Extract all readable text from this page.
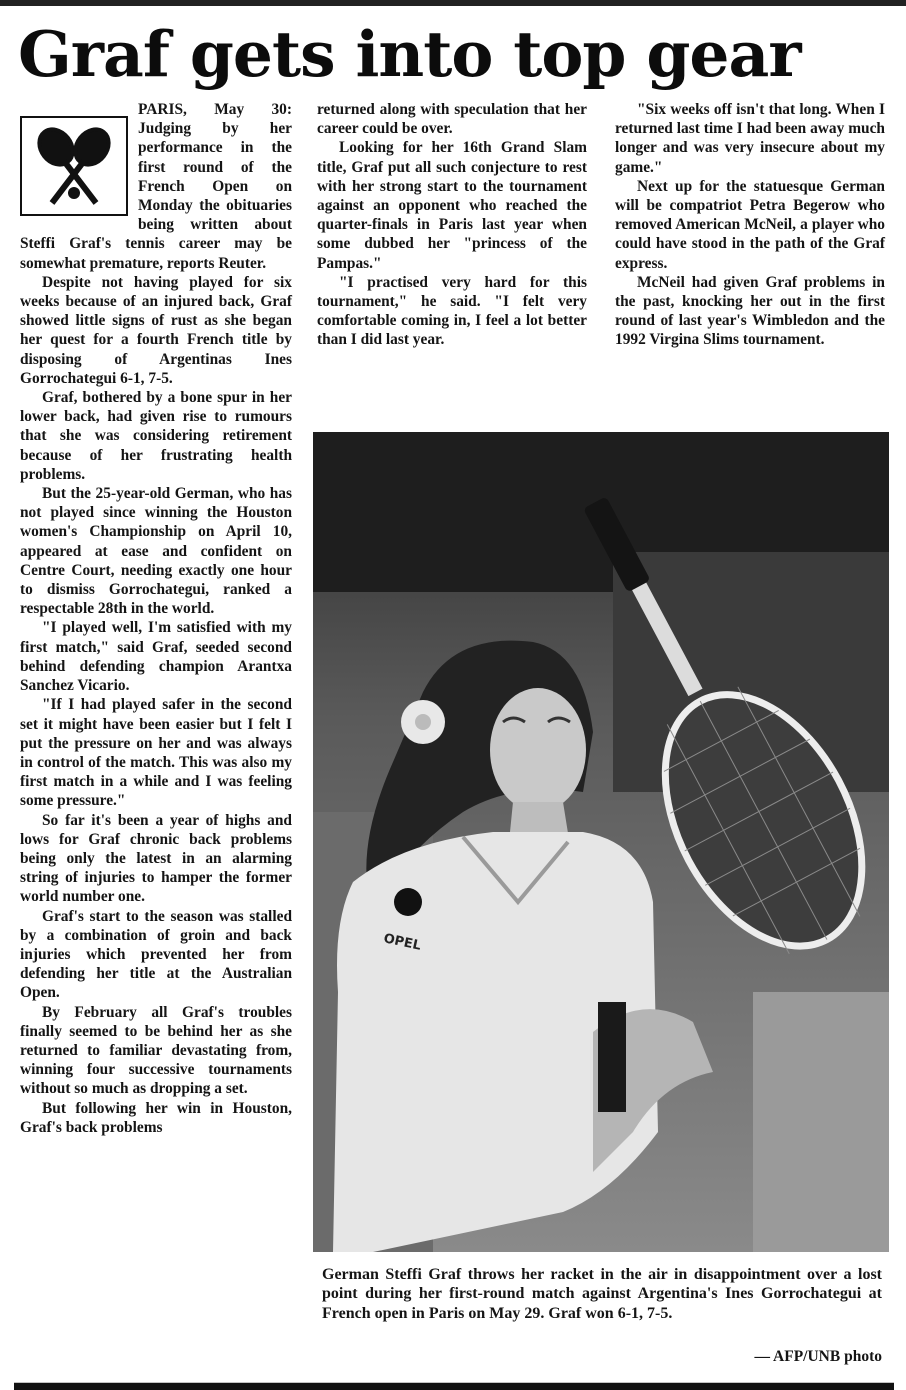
Graf gets into top gear

PARIS, May 30: Judging by her performance in the first round of the French Open on Monday the obituaries being written about Steffi Graf's tennis career may be somewhat premature, reports Reuter.

Despite not having played for six weeks because of an injured back, Graf showed little signs of rust as she began her quest for a fourth French title by disposing of Argentinas Ines Gorrochategui 6-1, 7-5.

Graf, bothered by a bone spur in her lower back, had given rise to rumours that she was considering retirement because of her frustrating health problems.

But the 25-year-old German, who has not played since winning the Houston women's Championship on April 10, appeared at ease and confident on Centre Court, needing exactly one hour to dismiss Gorrochategui, ranked a respectable 28th in the world.

"I played well, I'm satisfied with my first match," said Graf, seeded second behind defending champion Arantxa Sanchez Vicario.

"If I had played safer in the second set it might have been easier but I felt I put the pressure on her and was always in control of the match. This was also my first match in a while and I was feeling some pressure."

So far it's been a year of highs and lows for Graf chronic back problems being only the latest in an alarming string of injuries to hamper the former world number one.

Graf's start to the season was stalled by a combination of groin and back injuries which prevented her from defending her title at the Australian Open.

By February all Graf's troubles finally seemed to be behind her as she returned to familiar devastating from, winning four successive tournaments without so much as dropping a set.

But following her win in Houston, Graf's back problems

returned along with speculation that her career could be over.

Looking for her 16th Grand Slam title, Graf put all such conjecture to rest with her strong start to the tournament against an opponent who reached the quarter-finals in Paris last year when some dubbed her "princess of the Pampas."

"I practised very hard for this tournament," he said. "I felt very comfortable coming in, I feel a lot better than I did last year.

"Six weeks off isn't that long. When I returned last time I had been away much longer and was very insecure about my game."

Next up for the statuesque German will be compatriot Petra Begerow who removed American McNeil, a player who could have stood in the path of the Graf express.

McNeil had given Graf problems in the past, knocking her out in the first round of last year's Wimbledon and the 1992 Virgina Slims tournament.

OPEL

German Steffi Graf throws her racket in the air in disappointment over a lost point during her first-round match against Argentina's Ines Gorrochategui at French open in Paris on May 29. Graf won 6-1, 7-5.

— AFP/UNB photo
